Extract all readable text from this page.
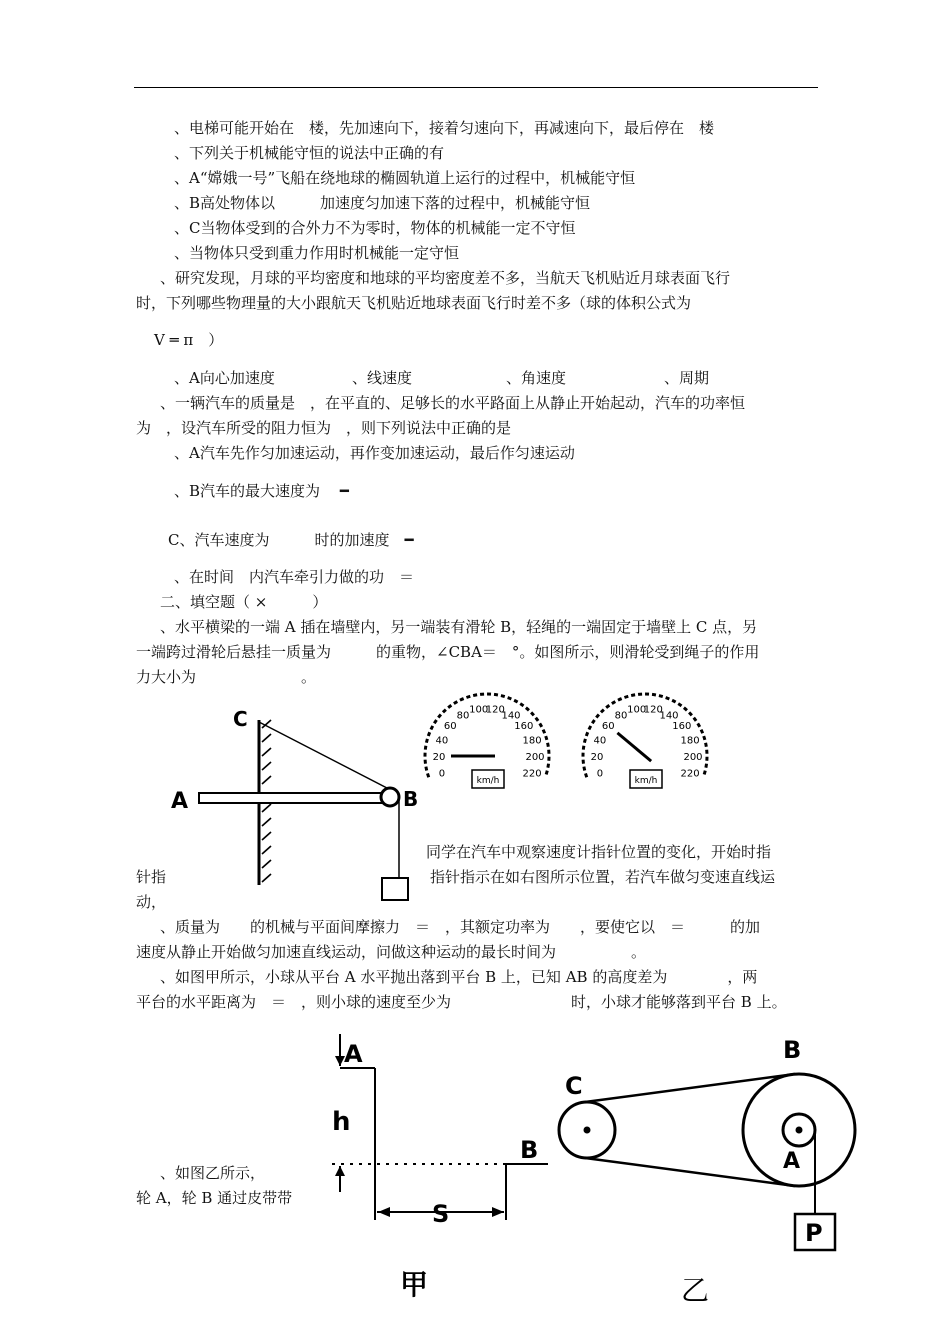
、电梯可能开始在　楼，先加速向下，接着匀速向下，再减速向下，最后停在　楼
、下列关于机械能守恒的说法中正确的有
、A“嫦娥一号”飞船在绕地球的椭圆轨道上运行的过程中，机械能守恒
、B高处物体以　　　加速度匀加速下落的过程中，机械能守恒
、C当物体受到的合外力不为零时，物体的机械能一定不守恒
、当物体只受到重力作用时机械能一定守恒
、研究发现，月球的平均密度和地球的平均密度差不多，当航天飞机贴近月球表面飞行
时，下列哪些物理量的大小跟航天飞机贴近地球表面飞行时差不多（球的体积公式为
V ═ π　）
、A向心加速度	、线速度	、角速度	、周期
、一辆汽车的质量是　，在平直的、足够长的水平路面上从静止开始起动，汽车的功率恒
为　，设汽车所受的阻力恒为　，则下列说法中正确的是
、A汽车先作匀加速运动，再作变加速运动，最后作匀速运动
、B汽车的最大速度为　 ━
C、汽车速度为　　　时的加速度　━
、在时间　内汽车牵引力做的功　＝
二、填空题（ ×　　　）
、水平横梁的一端 A 插在墙壁内，另一端装有滑轮 B，轻绳的一端固定于墙壁上 C 点，另
一端跨过滑轮后悬挂一质量为　　　的重物，∠CBA＝　°。如图所示，则滑轮受到绳子的作用
力大小为　　　　　　　。
同学在汽车中观察速度计指针位置的变化，开始时指
针指	指针指示在如右图所示位置，若汽车做匀变速直线运
动，
、质量为　　的机械与平面间摩擦力　＝　，其额定功率为　　，要使它以　＝　　　的加
速度从静止开始做匀加速直线运动，问做这种运动的最长时间为　　　　　。
、如图甲所示，小球从平台 A 水平抛出落到平台 B 上，已知 AB 的高度差为　　　　，两
平台的水平距离为　＝　，则小球的速度至少为　　　　　　　　时，小球才能够落到平台 B 上。
、如图乙所示，
轮 A，轮 B 通过皮带带
C
A	B
0
20
40
60
80
100
120
140
160
180
200
220
km/h
0
20
40
60
80
100
120
140
160
180
200
220
km/h
A
h
B
S
甲
B
C
A
P
乙
